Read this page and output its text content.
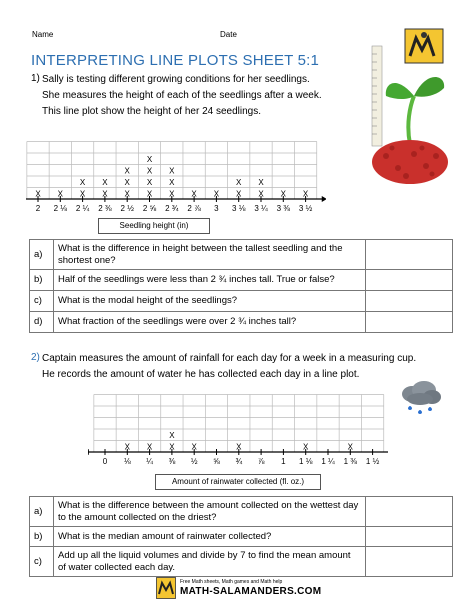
Name	Date
INTERPRETING LINE PLOTS SHEET 5:1
1) Sally is testing different growing conditions for her seedlings.
She measures the height of each of the seedlings after a week.
This line plot show the height of her 24 seedlings.
2
X
2 ⅛
X
2 ¼
X
X
2 ⅜
X
X
2 ½
X
X
X
2 ⅝
X
X
X
X
2 ¾
X
X
X
2 ⅞
X
3
X
3 ⅛
X
X
3 ¼
X
X
3 ⅜
X
3 ½
X
Seedling height (in)
a)	What is the difference in height between the tallest seedling and the shortest one?	
b)	Half of the seedlings were less than 2 ¾ inches tall. True or false?	
c)	What is the modal height of the seedlings?	
d)	What fraction of the seedlings were over 2 ¾ inches tall?	
2) Captain measures the amount of rainfall for each day for a week in a measuring cup.
He records the amount of water he has collected each day in a line plot.
0 ⅛
X
¼
X
⅜
X
X
½
X
⅝ ¾
X
⅞ 1 1 ⅛
X
1 ¼ 1 ⅜
X
1 ½
Amount of rainwater collected (fl. oz.)
a)	What is the difference between the amount collected on the wettest day to the amount collected on the driest?	
b)	What is the median amount of rainwater collected?	
c)	Add up all the liquid volumes and divide by 7 to find the mean amount of water collected each day.	
Free Math sheets, Math games and Math help
MATH-SALAMANDERS.COM
